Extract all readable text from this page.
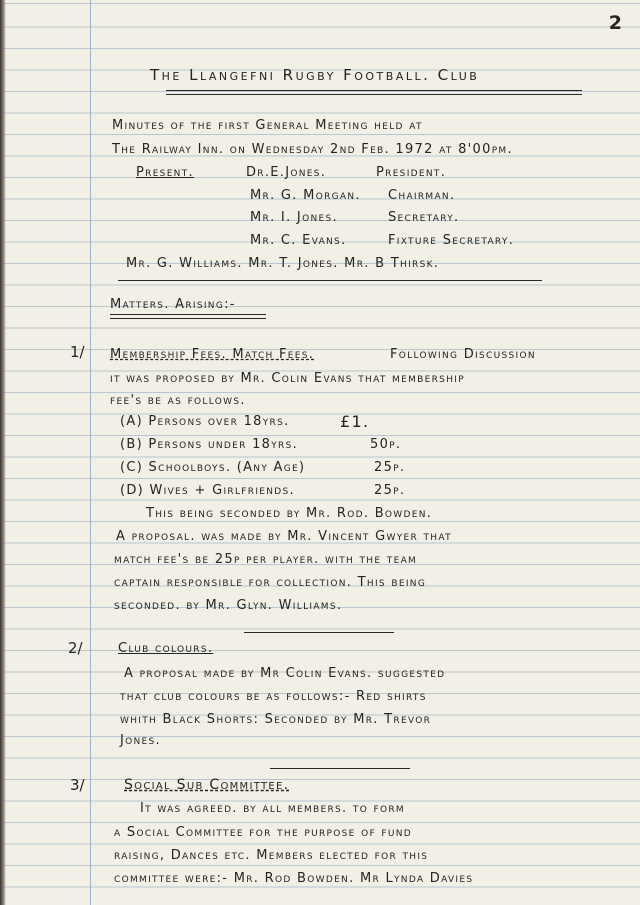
2
The Llangefni Rugby Football. Club
Minutes of the first General Meeting held at
The Railway Inn. on Wednesday 2nd Feb. 1972 at 8'00pm.
Present.	Dr.E.Jones.	President.
Mr. G. Morgan. Chairman.
Mr. I. Jones.	Secretary.
Mr. C. Evans.	Fixture Secretary.
Mr. G. Williams. Mr. T. Jones. Mr. B Thirsk.
Matters. Arising:-
1/ Membership Fees. Match Fees.	Following Discussion
it was proposed by Mr. Colin Evans that membership
fee's be as follows.
(A) Persons over 18yrs.	£1.
(B) Persons under 18yrs.	50p.
(C) Schoolboys. (Any Age)	25p.
(D) Wives + Girlfriends.	25p.
This being seconded by Mr. Rod. Bowden.
A proposal. was made by Mr. Vincent Gwyer that
match fee's be 25p per player. with the team
captain responsible for collection. This being
seconded. by Mr. Glyn. Williams.
2/	Club colours.
A proposal made by Mr Colin Evans. suggested
that club colours be as follows:- Red shirts
whith Black Shorts: Seconded by Mr. Trevor
Jones.
3/	Social Sub Committee.
It was agreed. by all members. to form
a Social Committee for the purpose of fund
raising, Dances etc. Members elected for this
committee were:- Mr. Rod Bowden. Mr Lynda Davies
